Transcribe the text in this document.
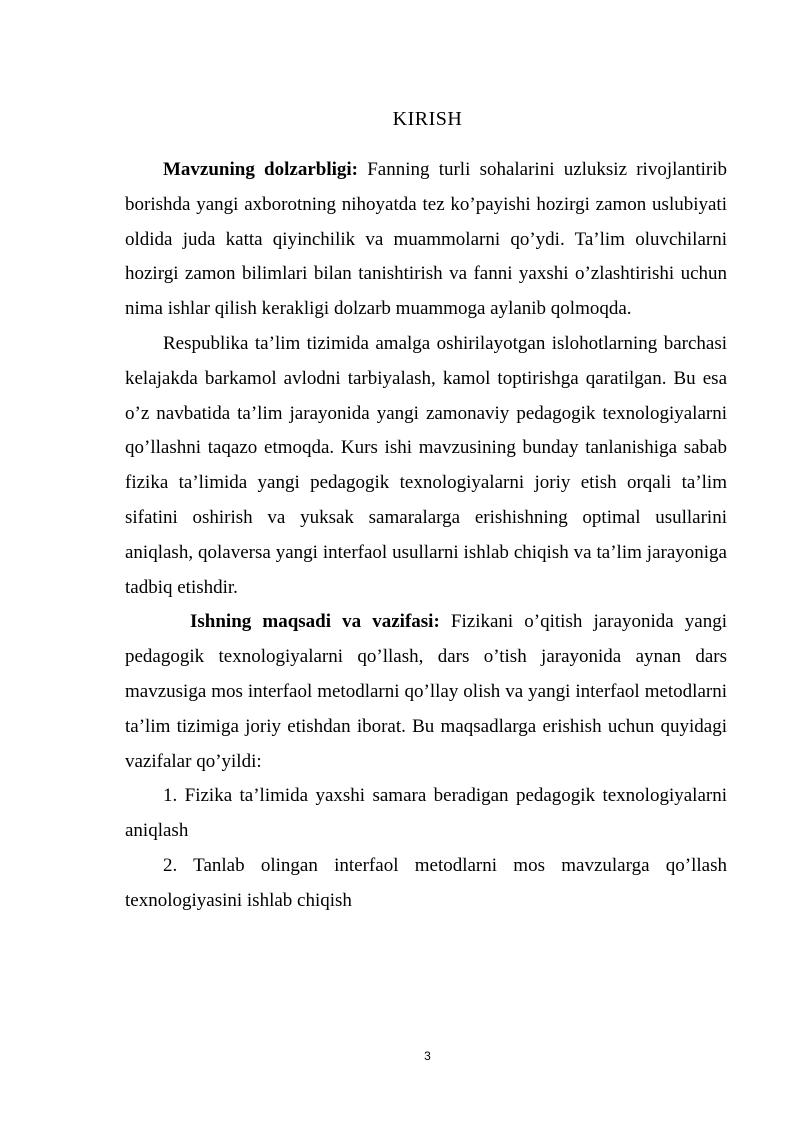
KIRISH

Mavzuning dolzarbligi: Fanning turli sohalarini uzluksiz rivojlantirib borishda yangi axborotning nihoyatda tez ko’payishi hozirgi zamon uslubiyati oldida juda katta qiyinchilik va muammolarni qo’ydi. Ta’lim oluvchilarni hozirgi zamon bilimlari bilan tanishtirish va fanni yaxshi o’zlashtirishi uchun nima ishlar qilish kerakligi dolzarb muammoga aylanib qolmoqda.

Respublika ta’lim tizimida amalga oshirilayotgan islohotlarning barchasi kelajakda barkamol avlodni tarbiyalash, kamol toptirishga qaratilgan. Bu esa o’z navbatida ta’lim jarayonida yangi zamonaviy pedagogik texnologiyalarni qo’llashni taqazo etmoqda. Kurs ishi mavzusining bunday tanlanishiga sabab fizika ta’limida yangi pedagogik texnologiyalarni joriy etish orqali ta’lim sifatini oshirish va yuksak samaralarga erishishning optimal usullarini aniqlash, qolaversa yangi interfaol usullarni ishlab chiqish va ta’lim jarayoniga tadbiq etishdir.

Ishning maqsadi va vazifasi: Fizikani o’qitish jarayonida yangi pedagogik texnologiyalarni qo’llash, dars o’tish jarayonida aynan dars mavzusiga mos interfaol metodlarni qo’llay olish va yangi interfaol metodlarni ta’lim tizimiga joriy etishdan iborat. Bu maqsadlarga erishish uchun quyidagi vazifalar qo’yildi:

1. Fizika ta’limida yaxshi samara beradigan pedagogik texnologiyalarni aniqlash

2. Tanlab olingan interfaol metodlarni mos mavzularga qo’llash texnologiyasini ishlab chiqish

3
